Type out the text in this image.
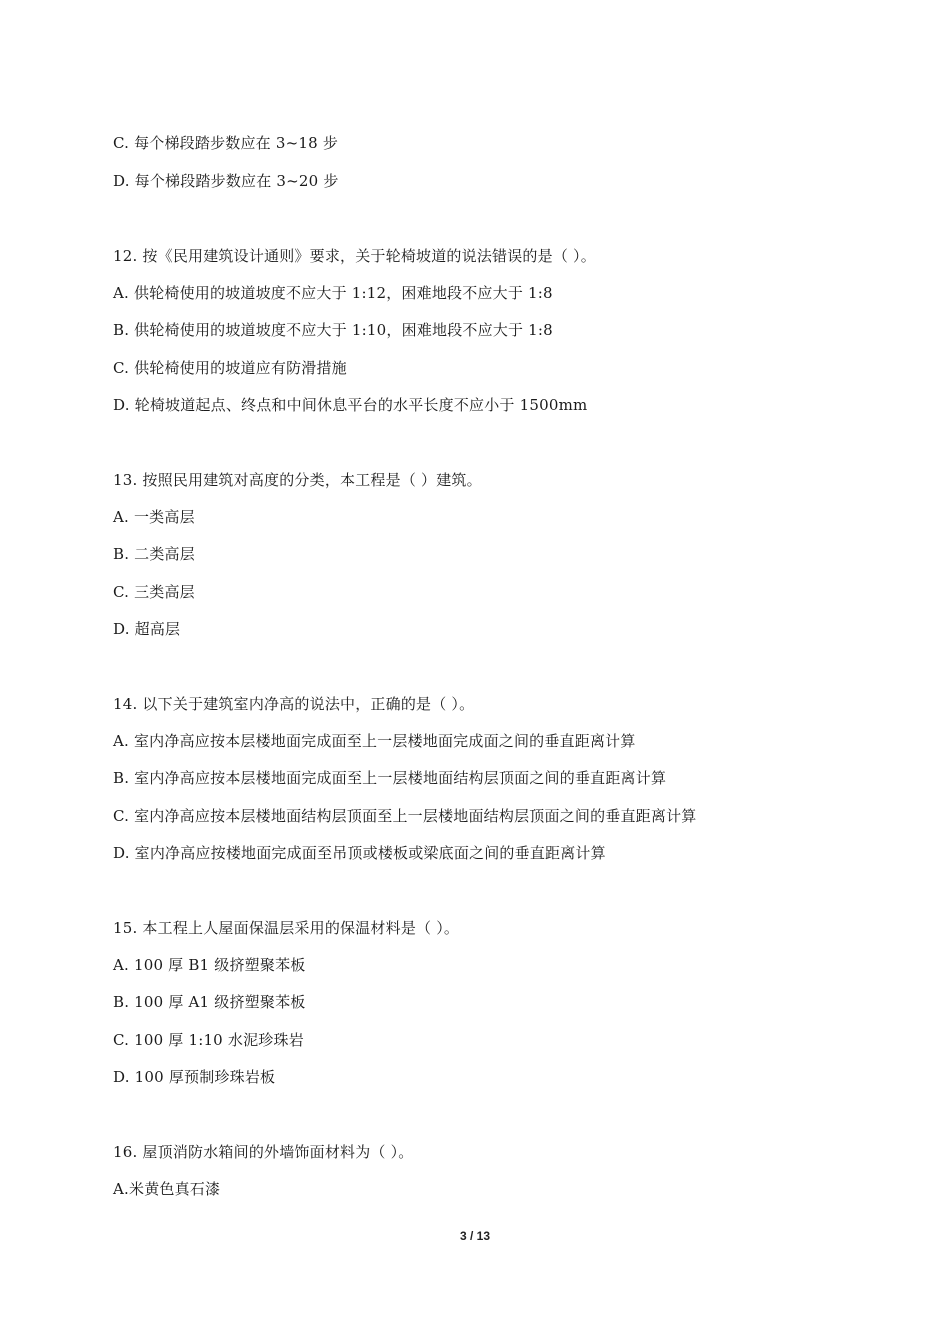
C. 每个梯段踏步数应在 3~18 步
D. 每个梯段踏步数应在 3~20 步
12. 按《民用建筑设计通则》要求，关于轮椅坡道的说法错误的是（ ）。
A. 供轮椅使用的坡道坡度不应大于 1:12，困难地段不应大于 1:8
B. 供轮椅使用的坡道坡度不应大于 1:10，困难地段不应大于 1:8
C. 供轮椅使用的坡道应有防滑措施
D. 轮椅坡道起点、终点和中间休息平台的水平长度不应小于 1500mm
13. 按照民用建筑对高度的分类，本工程是（ ）建筑。
A. 一类高层
B. 二类高层
C. 三类高层
D. 超高层
14. 以下关于建筑室内净高的说法中，正确的是（ ）。
A. 室内净高应按本层楼地面完成面至上一层楼地面完成面之间的垂直距离计算
B. 室内净高应按本层楼地面完成面至上一层楼地面结构层顶面之间的垂直距离计算
C. 室内净高应按本层楼地面结构层顶面至上一层楼地面结构层顶面之间的垂直距离计算
D. 室内净高应按楼地面完成面至吊顶或楼板或梁底面之间的垂直距离计算
15. 本工程上人屋面保温层采用的保温材料是（ ）。
A. 100 厚 B1 级挤塑聚苯板
B. 100 厚 A1 级挤塑聚苯板
C. 100 厚 1:10 水泥珍珠岩
D. 100 厚预制珍珠岩板
16. 屋顶消防水箱间的外墙饰面材料为（ ）。
A.米黄色真石漆
3 / 13
